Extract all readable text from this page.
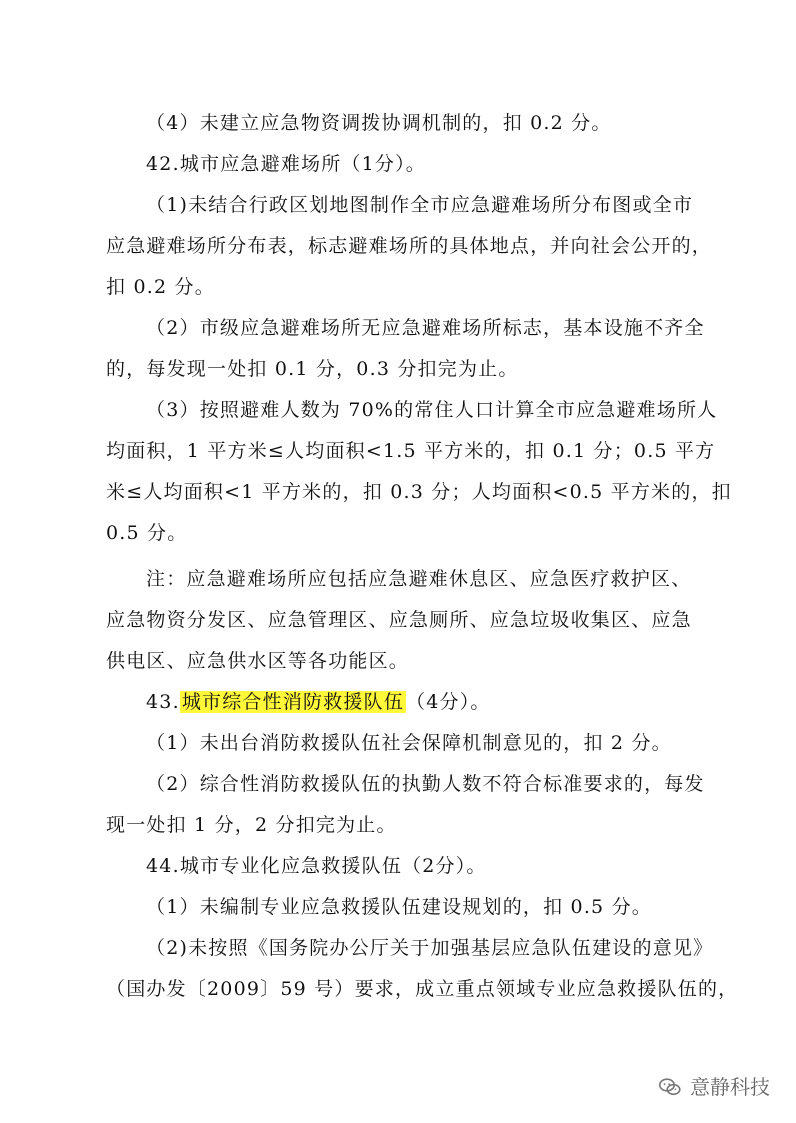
（4）未建立应急物资调拨协调机制的，扣 0.2 分。
42.城市应急避难场所（1分）。
（1)未结合行政区划地图制作全市应急避难场所分布图或全市
应急避难场所分布表，标志避难场所的具体地点，并向社会公开的，
扣 0.2 分。
（2）市级应急避难场所无应急避难场所标志，基本设施不齐全
的，每发现一处扣 0.1 分，0.3 分扣完为止。
（3）按照避难人数为 70%的常住人口计算全市应急避难场所人
均面积，1 平方米≤人均面积<1.5 平方米的，扣 0.1 分；0.5 平方
米≤人均面积<1 平方米的，扣 0.3 分；人均面积<0.5 平方米的，扣
0.5 分。
注：应急避难场所应包括应急避难休息区、应急医疗救护区、
应急物资分发区、应急管理区、应急厕所、应急垃圾收集区、应急
供电区、应急供水区等各功能区。
43. 城市综合性消防救援队伍 （4分）。
（1）未出台消防救援队伍社会保障机制意见的，扣 2 分。
（2）综合性消防救援队伍的执勤人数不符合标准要求的，每发
现一处扣 1 分，2 分扣完为止。
44.城市专业化应急救援队伍（2分）。
（1）未编制专业应急救援队伍建设规划的，扣 0.5 分。
（2)未按照《国务院办公厅关于加强基层应急队伍建设的意见》
（国办发〔2009〕59 号）要求，成立重点领域专业应急救援队伍的，
意静科技
